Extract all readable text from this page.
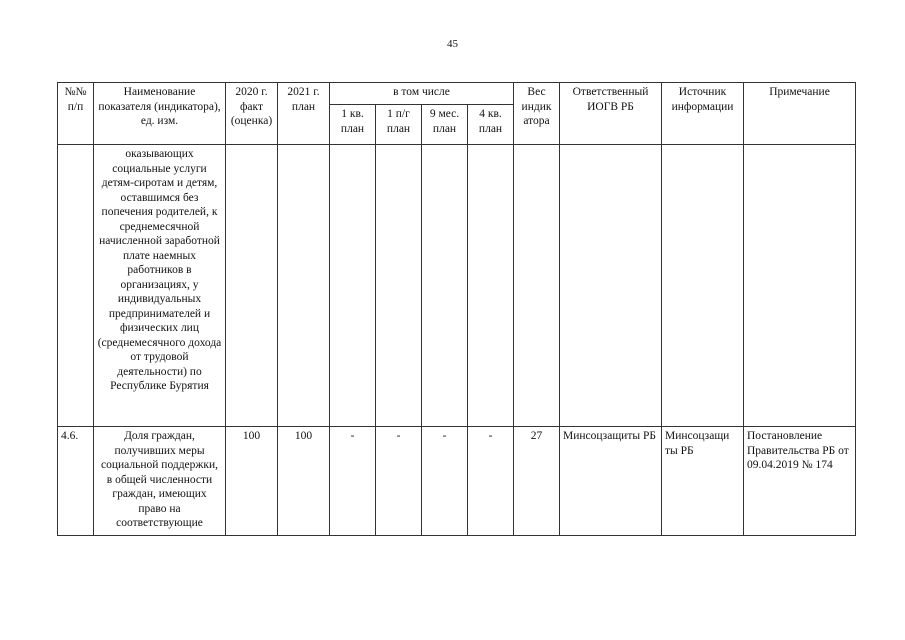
45
№№ п/п	Наименование показателя (индикатора), ед. изм.	2020 г. факт (оценка)	2021 г. план	в том числе				Вес индик атора	Ответственный ИОГВ РБ	Источник информации	Примечание
				1 кв. план	1 п/г план	9 мес. план	4 кв. план				
	оказывающих социальные услуги детям-сиротам и детям, оставшимся без попечения родителей, к среднемесячной начисленной заработной плате наемных работников в организациях, у индивидуальных предпринимателей и физических лиц (среднемесячного дохода от трудовой деятельности) по Республике Бурятия										
4.6.	Доля граждан, получивших меры социальной поддержки, в общей численности граждан, имеющих право на соответствующие	100	100	-	-	-	-	27	Минсоцзащиты РБ	Минсоцзащи ты РБ	Постановление Правительства РБ от 09.04.2019 № 174
